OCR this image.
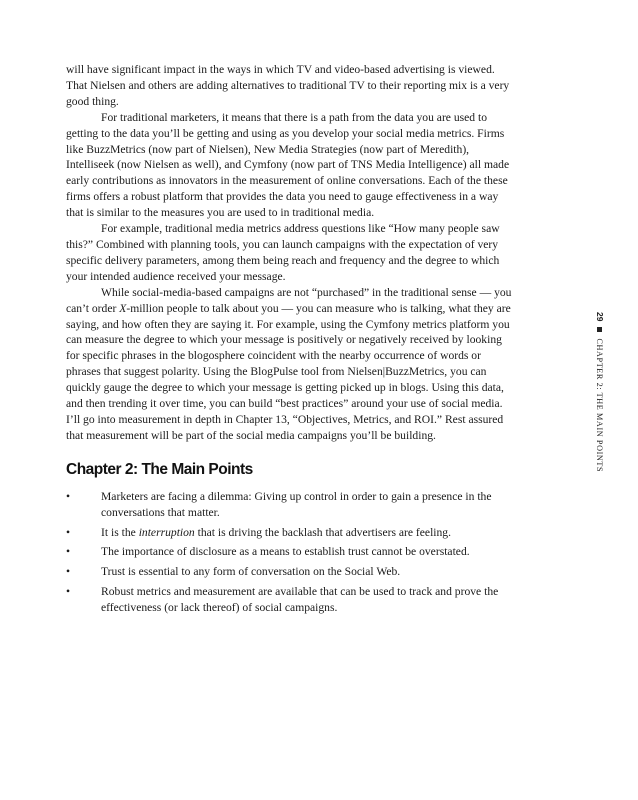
will have significant impact in the ways in which TV and video-based advertising is viewed. That Nielsen and others are adding alternatives to traditional TV to their reporting mix is a very good thing.

For traditional marketers, it means that there is a path from the data you are used to getting to the data you’ll be getting and using as you develop your social media metrics. Firms like BuzzMetrics (now part of Nielsen), New Media Strategies (now part of Meredith), Intelliseek (now Nielsen as well), and Cymfony (now part of TNS Media Intelligence) all made early contributions as innovators in the measurement of online conversations. Each of the these firms offers a robust platform that provides the data you need to gauge effectiveness in a way that is similar to the measures you are used to in traditional media.

For example, traditional media metrics address questions like “How many people saw this?” Combined with planning tools, you can launch campaigns with the expectation of very specific delivery parameters, among them being reach and frequency and the degree to which your intended audience received your message.

While social-media-based campaigns are not “purchased” in the traditional sense — you can’t order X-million people to talk about you — you can measure who is talking, what they are saying, and how often they are saying it. For example, using the Cymfony metrics platform you can measure the degree to which your message is positively or negatively received by looking for specific phrases in the blogosphere coincident with the nearby occurrence of words or phrases that suggest polarity. Using the BlogPulse tool from Nielsen|BuzzMetrics, you can quickly gauge the degree to which your message is getting picked up in blogs. Using this data, and then trending it over time, you can build “best practices” around your use of social media. I’ll go into measurement in depth in Chapter 13, “Objectives, Metrics, and ROI.” Rest assured that measurement will be part of the social media campaigns you’ll be building.

Chapter 2: The Main Points
•	Marketers are facing a dilemma: Giving up control in order to gain a presence in the conversations that matter.
•	It is the interruption that is driving the backlash that advertisers are feeling.
•	The importance of disclosure as a means to establish trust cannot be overstated.
•	Trust is essential to any form of conversation on the Social Web.
•	Robust metrics and measurement are available that can be used to track and prove the effectiveness (or lack thereof) of social campaigns.
29
CHAPTER 2: THE MAIN POINTS
